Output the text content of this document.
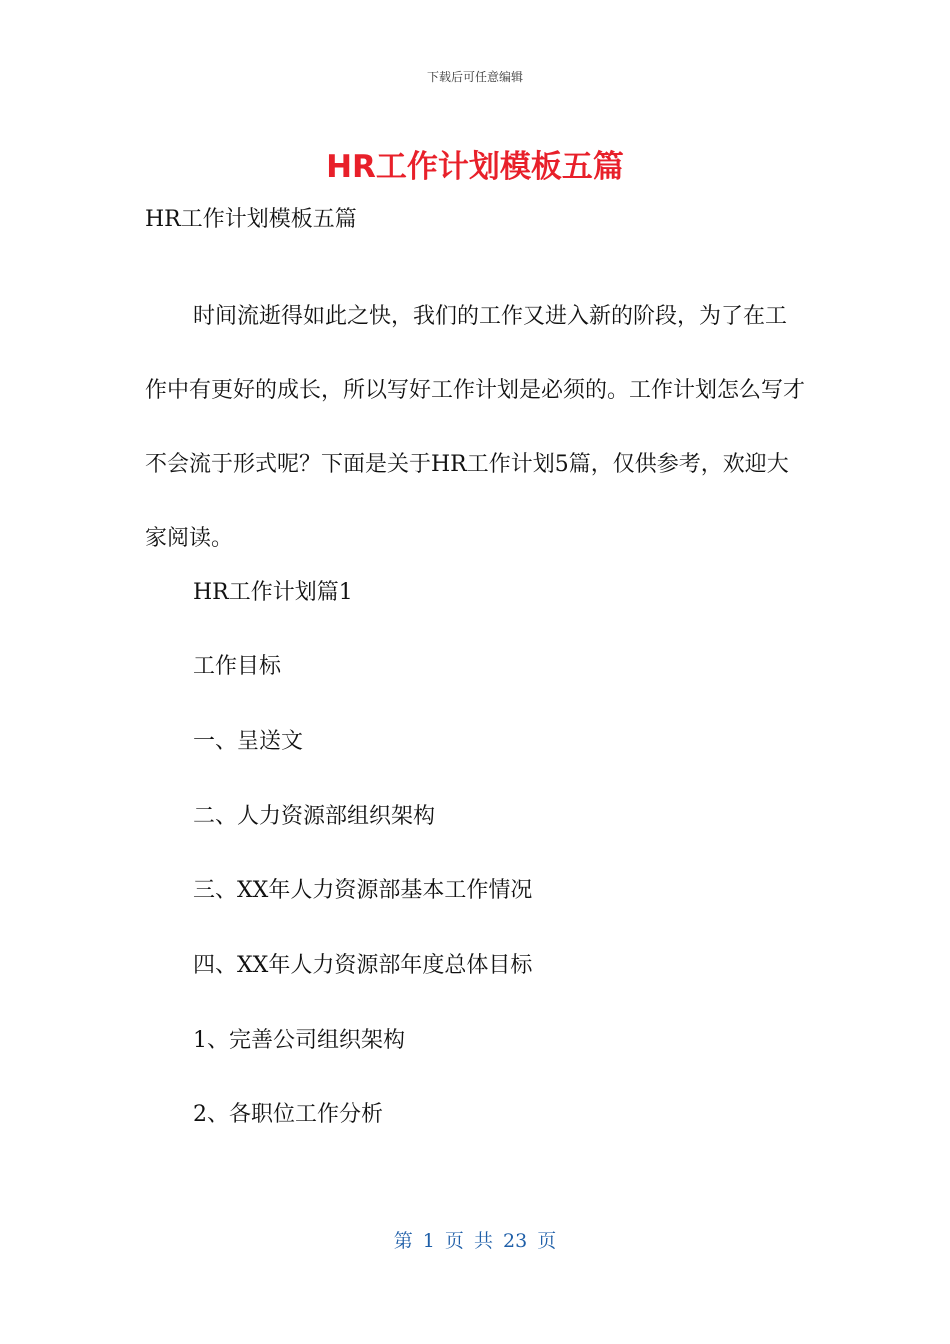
下载后可任意编辑
HR工作计划模板五篇
HR工作计划模板五篇

时间流逝得如此之快，我们的工作又进入新的阶段，为了在工作中有更好的成长，所以写好工作计划是必须的。工作计划怎么写才不会流于形式呢？下面是关于HR工作计划5篇，仅供参考，欢迎大家阅读。

HR工作计划篇1
工作目标
一、呈送文
二、人力资源部组织架构
三、XX年人力资源部基本工作情况
四、XX年人力资源部年度总体目标
1、完善公司组织架构
2、各职位工作分析
第 1 页 共 23 页
